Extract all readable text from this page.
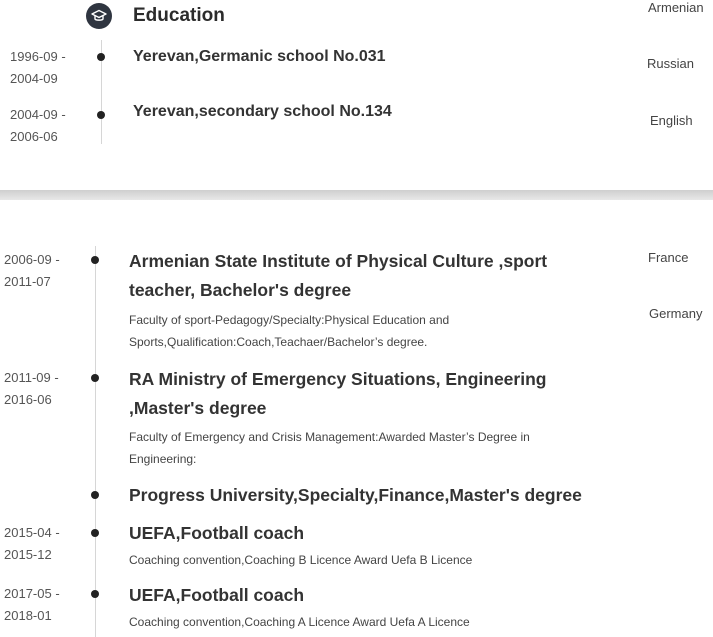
Education
1996-09 -
2004-09
Yerevan,Germanic school No.031
2004-09 -
2006-06
Yerevan,secondary school No.134
Armenian
Russian
English
2006-09 -
2011-07
Armenian State Institute of Physical Culture ,sport
teacher, Bachelor's degree
Faculty of sport-Pedagogy/Specialty:Physical Education and
Sports,Qualification:Coach,Teachaer/Bachelor’s degree.
2011-09 -
2016-06
RA Ministry of Emergency Situations, Engineering
,Master's degree
Faculty of Emergency and Crisis Management:Awarded Master’s Degree in
Engineering:
Progress University,Specialty,Finance,Master's degree
2015-04 -
2015-12
UEFA,Football coach
Coaching convention,Coaching B Licence Award Uefa B Licence
2017-05 -
2018-01
UEFA,Football coach
Coaching convention,Coaching A Licence Award Uefa A Licence
France
Germany
